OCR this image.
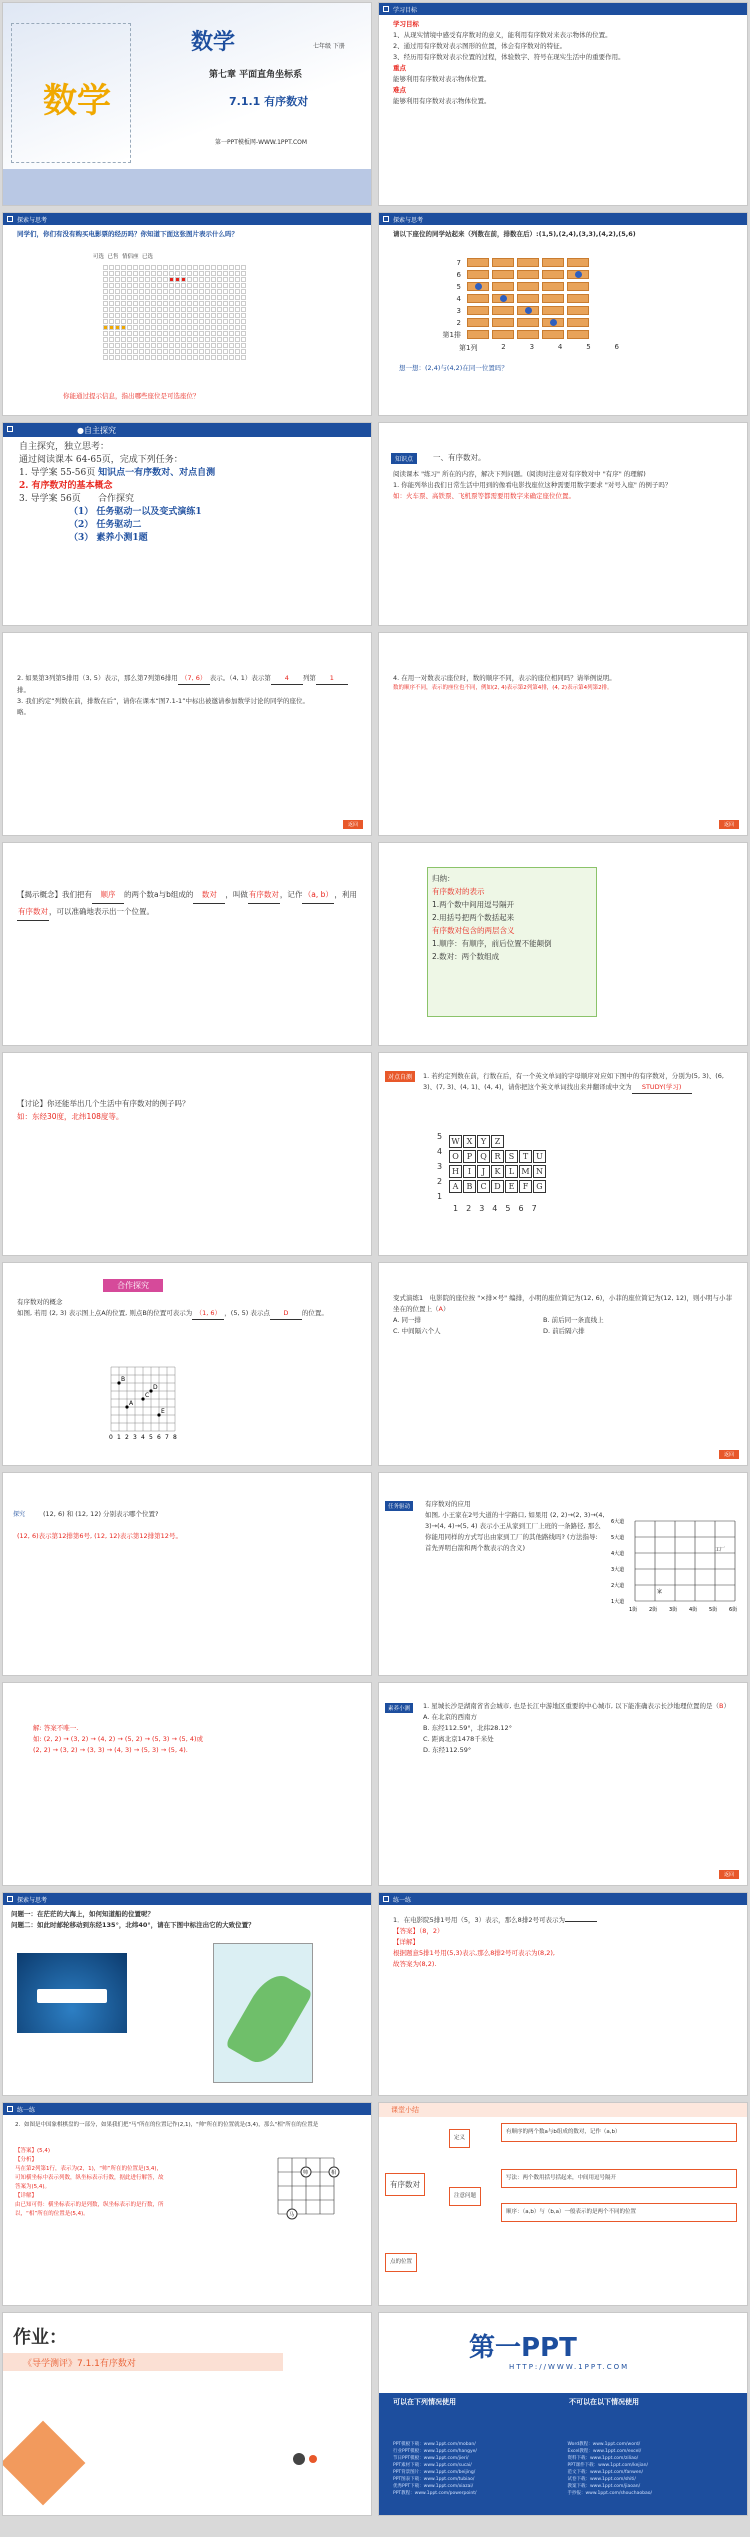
数学
数学	七年级 下册
第七章 平面直角坐标系
7.1.1 有序数对
第一PPT模板网-WWW.1PPT.COM
学习目标
学习目标
1、从现实情境中感受有序数对的意义，能利用有序数对来表示物体的位置。
2、通过用有序数对表示图形的位置，体会有序数对的特征。
3、经历用有序数对表示位置的过程，体验数字、符号在现实生活中的重要作用。
重点
能够利用有序数对表示物体位置。
难点
能够利用有序数对表示物体位置。
探索与思考
同学们，你们有没有购买电影票的经历吗？你知道下面这张图片表示什么吗？
可选 已售 情侣座 已选

你能通过提示信息，指出哪些座位是可选座位？
探索与思考
请以下座位的同学站起来（列数在前，排数在后）:(1,5),(2,4),(3,3),(4,2),(5,6)
7
6
5
4
3
2
第1排
第1列	2	3	4	5	6
想一想：(2,4)与(4,2)在同一位置吗？
●自主探究
自主探究，独立思考：
通过阅读课本 64-65页，完成下列任务：
1. 导学案 55-56页 知识点一有序数对、对点自测
2. 有序数对的基本概念
3. 导学案 56页 合作探究
（1） 任务驱动一以及变式演练1
（2） 任务驱动二
（3） 素养小测1题
知识点	一、有序数对。
阅读课本 "练习" 所在的内容，解决下列问题。(阅读时注意对有序数对中 "有序" 的理解)
1. 你能列举出我们日常生活中用到的像看电影找座位这种需要用数字要求 "对号入座" 的例子吗？
如：火车票、高铁票、飞机票等都需要用数字来确定座位位置。
2. 如果第3列第5排用（3, 5）表示，那么第7列第6排用 （7, 6） 表示。（4, 1）表示第 4 列第 1排。
3. 我们约定“列数在前，排数在后”，请你在课本“图7.1-1”中标出被邀请参加数学讨论的同学的座位。
略。
返回
4. 在用一对数表示座位时，数的顺序不同，表示的座位相同吗？请举例说明。
数的顺序不同，表示的座位也不同，例如(2, 4)表示第2列第4排，(4, 2)表示第4列第2排。
返回
【揭示概念】我们把有 顺序 的两个数a与b组成的 数对 ，叫做有序数对，记作（a, b），利用有序数对，可以准确地表示出一个位置。
归纳：
有序数对的表示
1.两个数中间用逗号隔开
2.用括号把两个数括起来
有序数对包含的两层含义
1.顺序：有顺序，前后位置不能颠倒
2.数对：两个数组成
【讨论】你还能举出几个生活中有序数对的例子吗？
如：东经30度，北纬108度等。
对点自测	1. 若约定列数在前，行数在后，有一个英文单词的字母顺序对应如下图中的有序数对，分别为(5, 3)、(6, 3)、(7, 3)、(4, 1)、(4, 4)，请你把这个英文单词找出来并翻译成中文为 STUDY(学习)
5
4
3
2
1
W X Y Z
O P Q R S T U
H I J K L M N
A B C D E F G
1 2 3 4 5 6 7
合作探究
有序数对的概念
如图, 若用 (2, 3) 表示图上点A的位置, 则点B的位置可表示为 （1, 6） ，(5, 5) 表示点 D 的位置。
0 1 2 3 4 5 6 7 8
A
B
C
D
E
变式演练1　电影院的座位按 "×排×号" 编排，小明的座位简记为(12, 6)，小菲的座位简记为(12, 12)，则小明与小菲坐在的位置上（A）
A. 同一排	B. 前后同一条直线上
C. 中间隔六个人	D. 前后隔六排
返回
探究	(12, 6) 和 (12, 12) 分别表示哪个位置?
(12, 6)表示第12排第6号, (12, 12)表示第12排第12号。
任务驱动	有序数对的应用
如图, 小王家在2号大道的十字路口, 如果用 (2, 2)→(2, 3)→(4, 3)→(4, 4)→(5, 4) 表示小王从家到工厂上班的一条路径, 那么你能用同样的方式写出由家到工厂的其他路线吗? (方法指导: 首先弄明白箭和两个数表示的含义)
6大道
1街
5大道
2街
4大道
3街
3大道
4街
2大道
5街
1大道
6街
家
工厂
解: 答案不唯一.
如: (2, 2) → (3, 2) → (4, 2) → (5, 2) → (5, 3) → (5, 4)或
(2, 2) → (3, 2) → (3, 3) → (4, 3) → (5, 3) → (5, 4).
素养小测	1. 星城长沙是湖南省省会城市, 也是长江中游地区重要的中心城市, 以下能准确表示长沙地理位置的是（B）
A. 在北京的西南方
B. 东经112.59°，北纬28.12°
C. 距离北京1478千米处
D. 东经112.59°
返回
探索与思考
问题一：在茫茫的大海上，如何知道船的位置呢？
问题二：如此时邮轮移动到东经135°，北纬40°，请在下图中标注出它的大致位置？
练一练
1．在电影院5排1号用（5，3）表示，那么8排2号可表示为
【答案】（8，2）
【详解】
根据题意5排1号用(5,3)表示,那么8排2号可表示为(8,2),
故答案为(8,2).
练一练
2．如图是中国象棋棋盘的一部分，如果我们把"马"所在的位置记作(2,1)，"帅"所在的位置就是(3,4)，那么"相"所在的位置是
【答案】(5,4)
【分析】
马在第2列第1行，表示为(2，1)，“帅”所在的位置是(3,4)，可知横坐标中表示列数，纵坐标表示行数，据此进行解答，故答案为(5,4)。
【详解】
由已知可得：横坐标表示的是列数，纵坐标表示的是行数，所以，“相”所在的位置是(5,4)。	马
帅	相
课堂小结
有序数对
定义
注意问题
点的位置
有顺序的两个数a与b组成的数对，记作（a,b）
写法：两个数用括号括起来，中间用逗号隔开
顺序：（a,b）与（b,a）一般表示的是两个不同的位置
作业：
《导学测评》7.1.1有序数对
第一PPT
HTTP://WWW.1PPT.COM
可以在下列情况使用	不可以在以下情况使用
PPT模板下载：www.1ppt.com/moban/
行业PPT模板：www.1ppt.com/hangye/
节日PPT模板：www.1ppt.com/jieri/
PPT素材下载：www.1ppt.com/sucai/
PPT背景图片：www.1ppt.com/beijing/
PPT图表下载：www.1ppt.com/tubiao/
优秀PPT下载：www.1ppt.com/xiazai/
PPT教程：www.1ppt.com/powerpoint/
Word教程：www.1ppt.com/word/
Excel教程：www.1ppt.com/excel/
资料下载：www.1ppt.com/ziliao/
PPT课件下载：www.1ppt.com/kejian/
范文下载：www.1ppt.com/fanwen/
试卷下载：www.1ppt.com/shiti/
教案下载：www.1ppt.com/jiaoan/
手抄报：www.1ppt.com/shouchaobao/
